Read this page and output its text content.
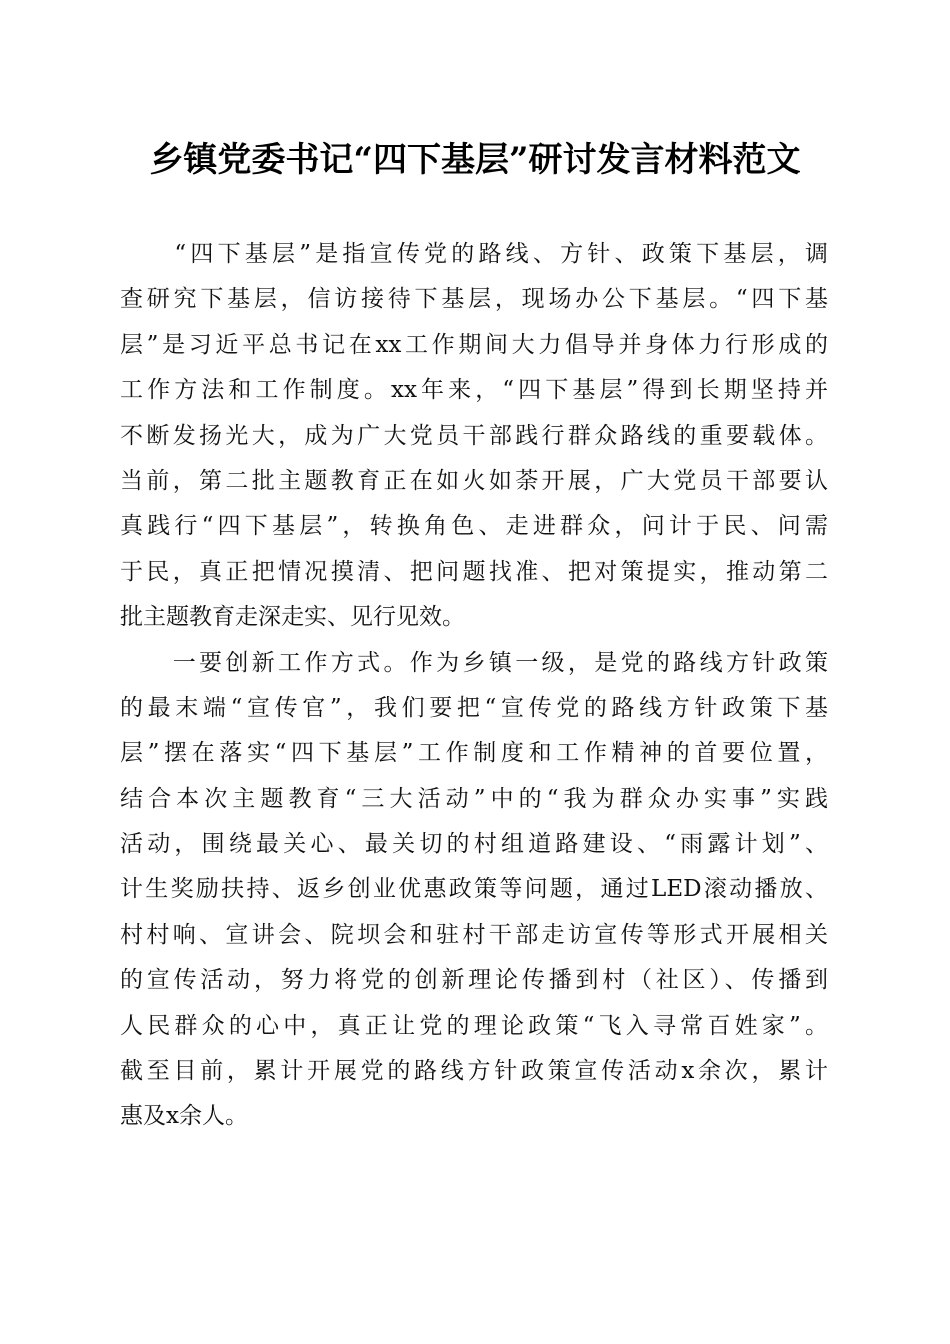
乡镇党委书记“四下基层”研讨发言材料范文
　　“四下基层”是指宣传党的路线、方针、政策下基层，调
查研究下基层，信访接待下基层，现场办公下基层。“四下基
层”是习近平总书记在xx工作期间大力倡导并身体力行形成的
工作方法和工作制度。xx年来，“四下基层”得到长期坚持并
不断发扬光大，成为广大党员干部践行群众路线的重要载体。
当前，第二批主题教育正在如火如荼开展，广大党员干部要认
真践行“四下基层”，转换角色、走进群众，问计于民、问需
于民，真正把情况摸清、把问题找准、把对策提实，推动第二
批主题教育走深走实、见行见效。
　　一要创新工作方式。作为乡镇一级，是党的路线方针政策
的最末端“宣传官”，我们要把“宣传党的路线方针政策下基
层”摆在落实“四下基层”工作制度和工作精神的首要位置，
结合本次主题教育“三大活动”中的“我为群众办实事”实践
活动，围绕最关心、最关切的村组道路建设、“雨露计划”、
计生奖励扶持、返乡创业优惠政策等问题，通过LED滚动播放、
村村响、宣讲会、院坝会和驻村干部走访宣传等形式开展相关
的宣传活动，努力将党的创新理论传播到村（社区）、传播到
人民群众的心中，真正让党的理论政策“飞入寻常百姓家”。
截至目前，累计开展党的路线方针政策宣传活动x余次，累计
惠及x余人。
